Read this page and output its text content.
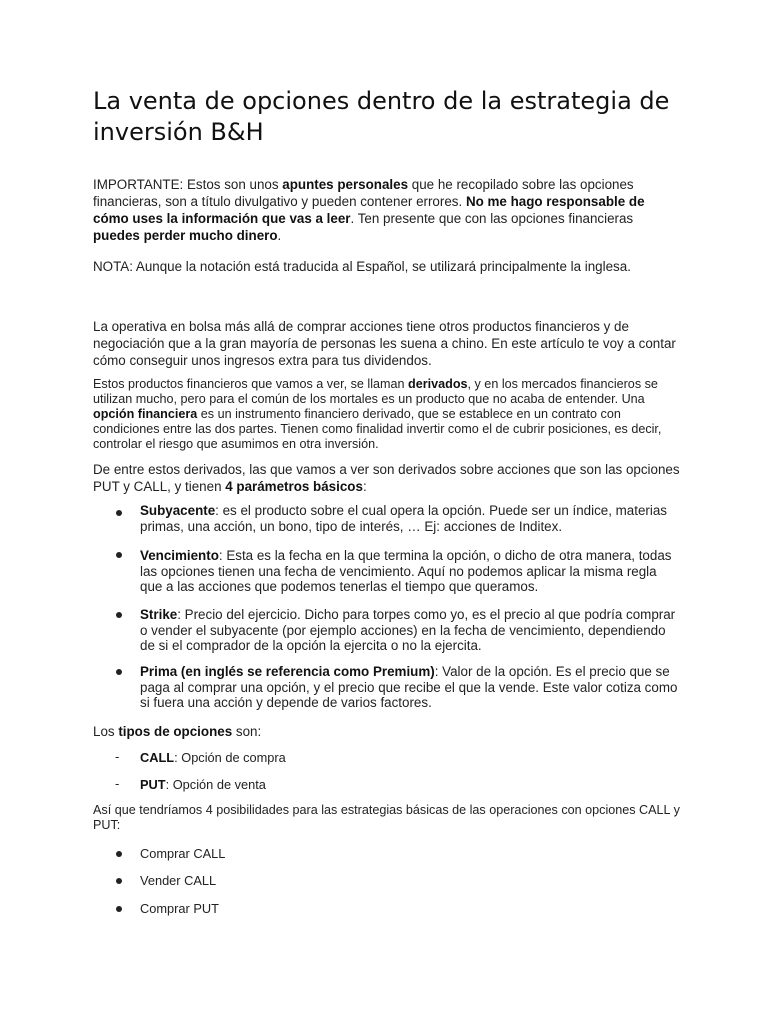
La venta de opciones dentro de la estrategia de inversión B&H

IMPORTANTE: Estos son unos apuntes personales que he recopilado sobre las opciones financieras, son a título divulgativo y pueden contener errores. No me hago responsable de cómo uses la información que vas a leer. Ten presente que con las opciones financieras puedes perder mucho dinero.

NOTA: Aunque la notación está traducida al Español, se utilizará principalmente la inglesa.

La operativa en bolsa más allá de comprar acciones tiene otros productos financieros y de negociación que a la gran mayoría de personas les suena a chino. En este artículo te voy a contar cómo conseguir unos ingresos extra para tus dividendos.

Estos productos financieros que vamos a ver, se llaman derivados, y en los mercados financieros se utilizan mucho, pero para el común de los mortales es un producto que no acaba de entender. Una opción financiera es un instrumento financiero derivado, que se establece en un contrato con condiciones entre las dos partes. Tienen como finalidad invertir como el de cubrir posiciones, es decir, controlar el riesgo que asumimos en otra inversión.

De entre estos derivados, las que vamos a ver son derivados sobre acciones que son las opciones PUT y CALL, y tienen 4 parámetros básicos:

Subyacente: es el producto sobre el cual opera la opción. Puede ser un índice, materias primas, una acción, un bono, tipo de interés, … Ej: acciones de Inditex.

Vencimiento: Esta es la fecha en la que termina la opción, o dicho de otra manera, todas las opciones tienen una fecha de vencimiento. Aquí no podemos aplicar la misma regla que a las acciones que podemos tenerlas el tiempo que queramos.

Strike: Precio del ejercicio. Dicho para torpes como yo, es el precio al que podría comprar o vender el subyacente (por ejemplo acciones) en la fecha de vencimiento, dependiendo de si el comprador de la opción la ejercita o no la ejercita.

Prima (en inglés se referencia como Premium): Valor de la opción. Es el precio que se paga al comprar una opción, y el precio que recibe el que la vende. Este valor cotiza como si fuera una acción y depende de varios factores.

Los tipos de opciones son:

- CALL: Opción de compra

- PUT: Opción de venta

Así que tendríamos 4 posibilidades para las estrategias básicas de las operaciones con opciones CALL y PUT:

Comprar CALL

Vender CALL

Comprar PUT
